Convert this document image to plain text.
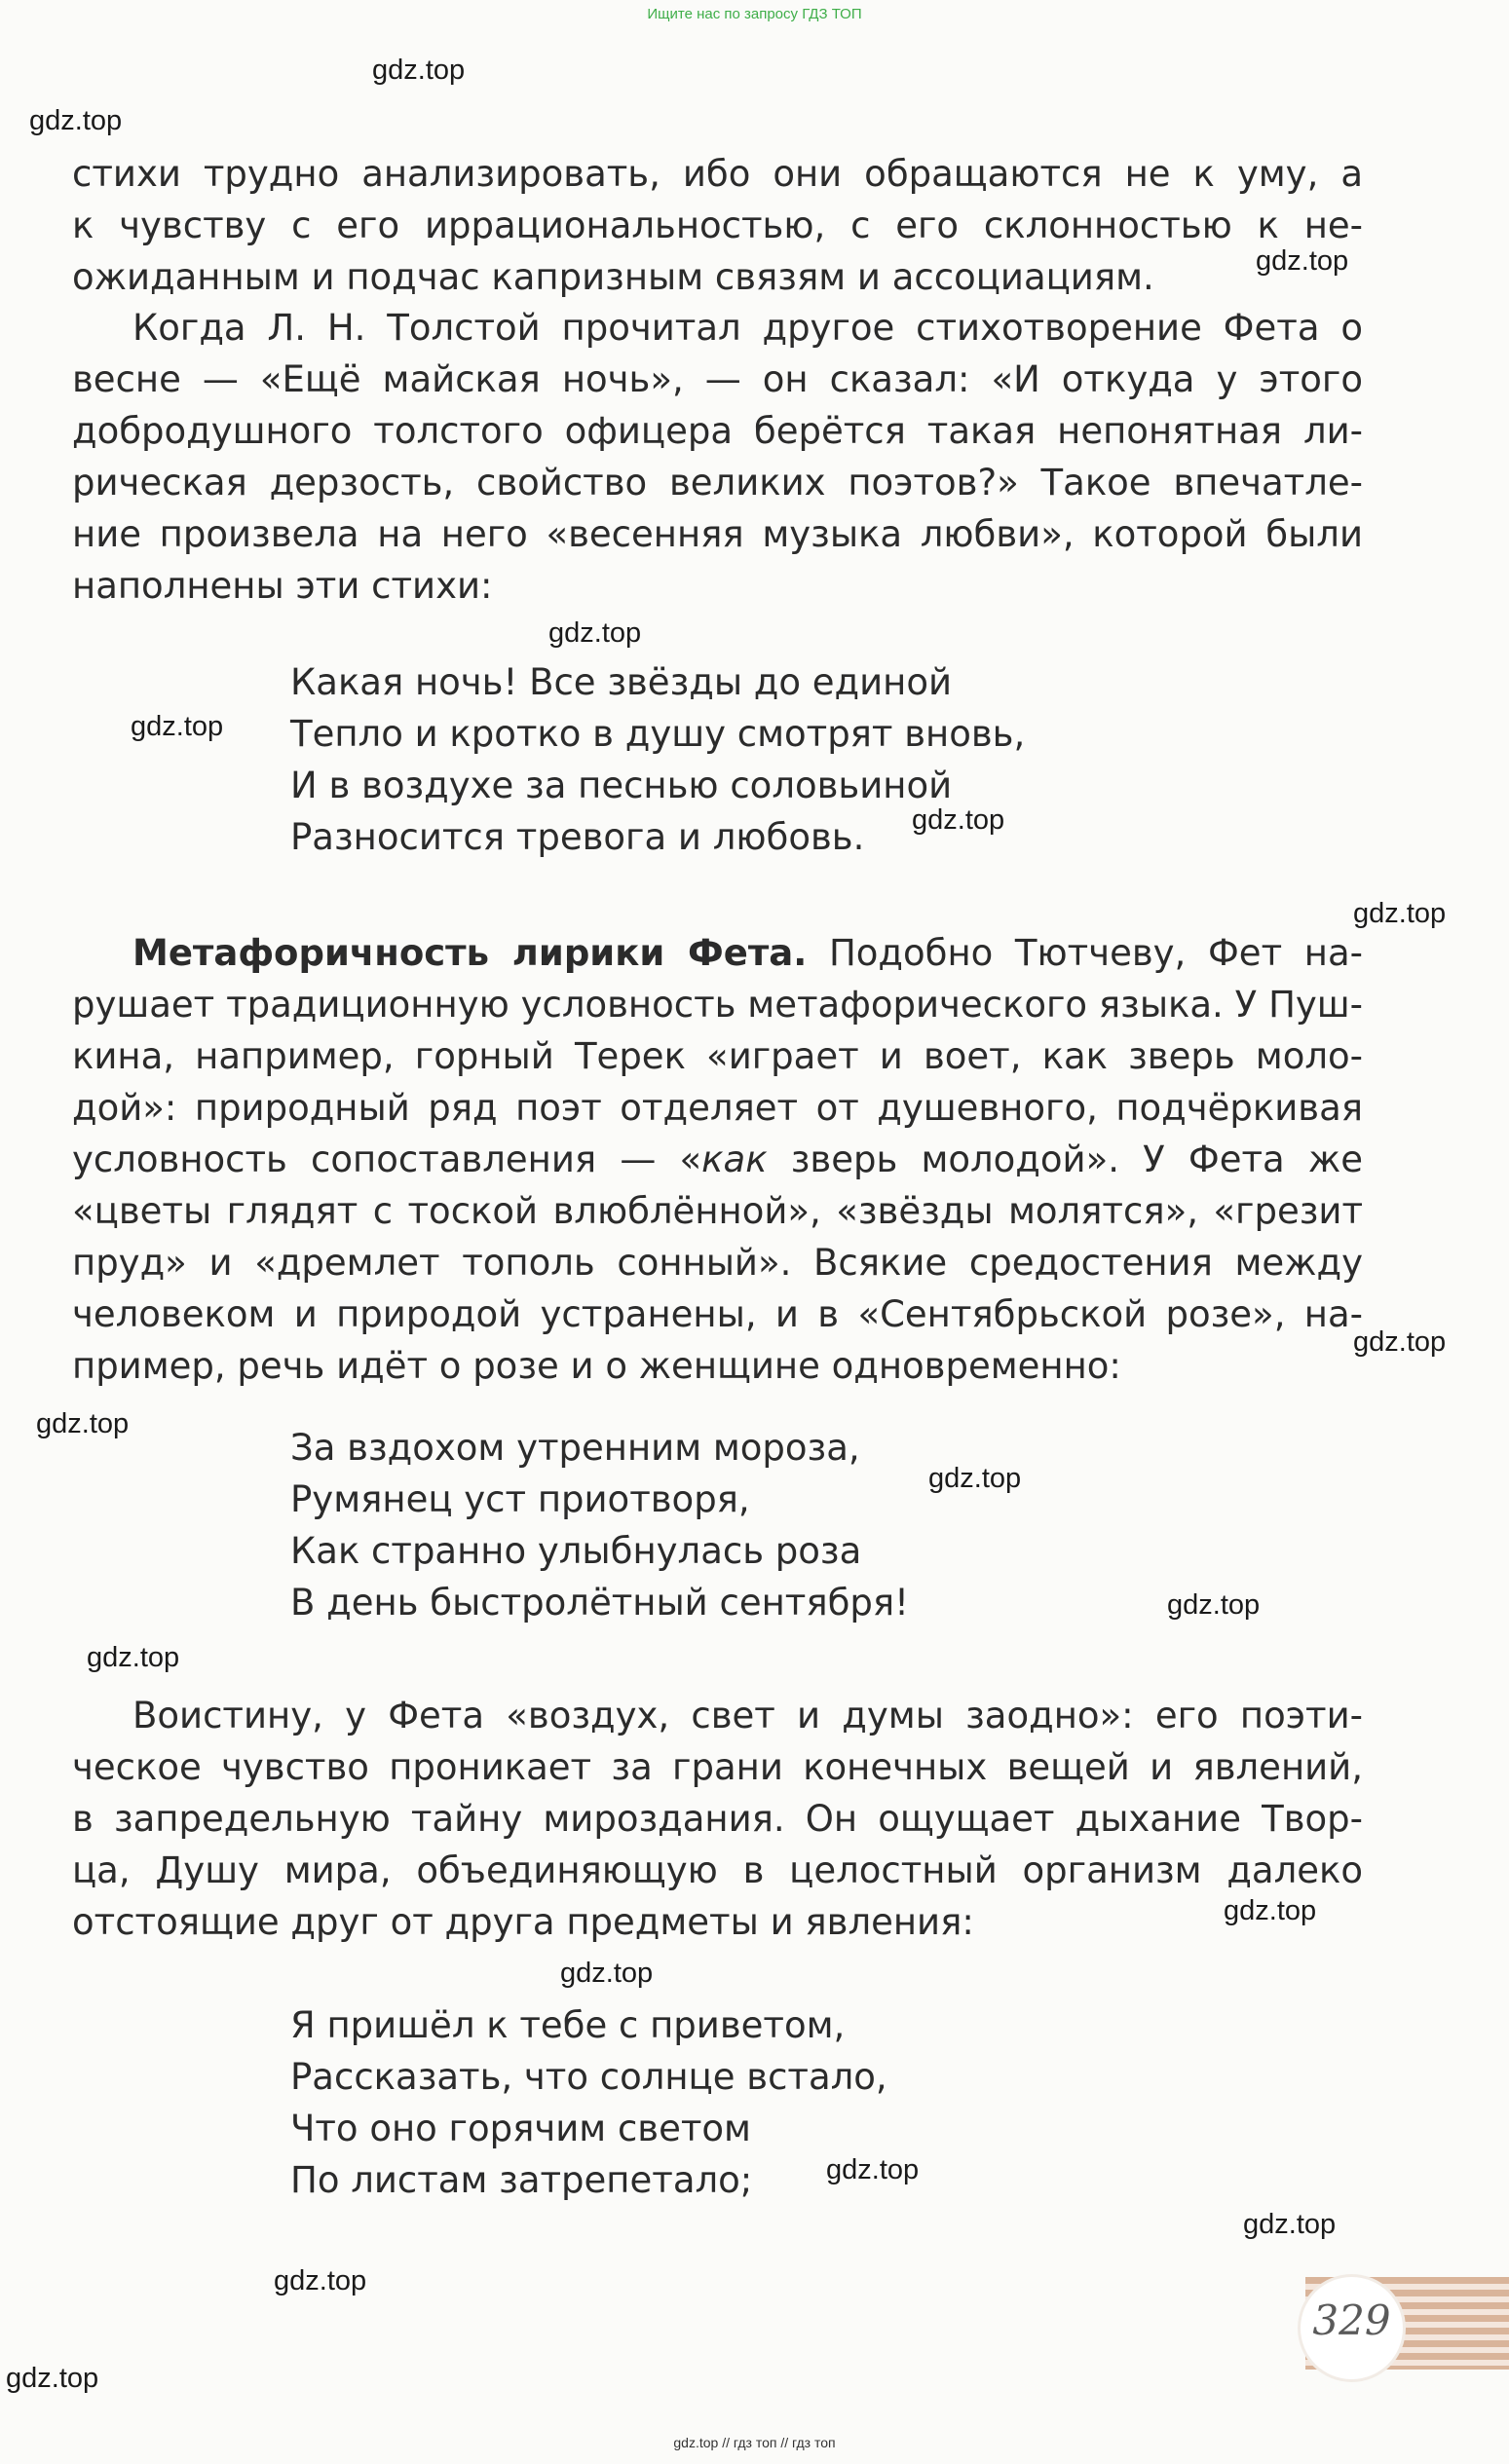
Ищите нас по запросу ГДЗ ТОП
стихи трудно анализировать, ибо они обращаются не к уму, а
к чувству с его иррациональностью, с его склонностью к не-
ожиданным и подчас капризным связям и ассоциациям.
Когда Л. Н. Толстой прочитал другое стихотворение Фета о
весне — «Ещё майская ночь», — он сказал: «И откуда у этого
добродушного толстого офицера берётся такая непонятная ли-
рическая дерзость, свойство великих поэтов?» Такое впечатле-
ние произвела на него «весенняя музыка любви», которой были
наполнены эти стихи:
Какая ночь! Все звёзды до единой
Тепло и кротко в душу смотрят вновь,
И в воздухе за песнью соловьиной
Разносится тревога и любовь.
Метафоричность лирики Фета. Подобно Тютчеву, Фет на-
рушает традиционную условность метафорического языка. У Пуш-
кина, например, горный Терек «играет и воет, как зверь моло-
дой»: природный ряд поэт отделяет от душевного, подчёркивая
условность сопоставления — «как зверь молодой». У Фета же
«цветы глядят с тоской влюблённой», «звёзды молятся», «грезит
пруд» и «дремлет тополь сонный». Всякие средостения между
человеком и природой устранены, и в «Сентябрьской розе», на-
пример, речь идёт о розе и о женщине одновременно:
За вздохом утренним мороза,
Румянец уст приотворя,
Как странно улыбнулась роза
В день быстролётный сентября!
Воистину, у Фета «воздух, свет и думы заодно»: его поэти-
ческое чувство проникает за грани конечных вещей и явлений,
в запредельную тайну мироздания. Он ощущает дыхание Твор-
ца, Душу мира, объединяющую в целостный организм далеко
отстоящие друг от друга предметы и явления:
Я пришёл к тебе с приветом,
Рассказать, что солнце встало,
Что оно горячим светом
По листам затрепетало;
gdz.top
gdz.top
gdz.top
gdz.top
gdz.top
gdz.top
gdz.top
gdz.top
gdz.top
gdz.top
gdz.top
gdz.top
gdz.top
gdz.top
gdz.top
gdz.top
gdz.top
gdz.top
329
gdz.top // гдз топ // гдз топ
